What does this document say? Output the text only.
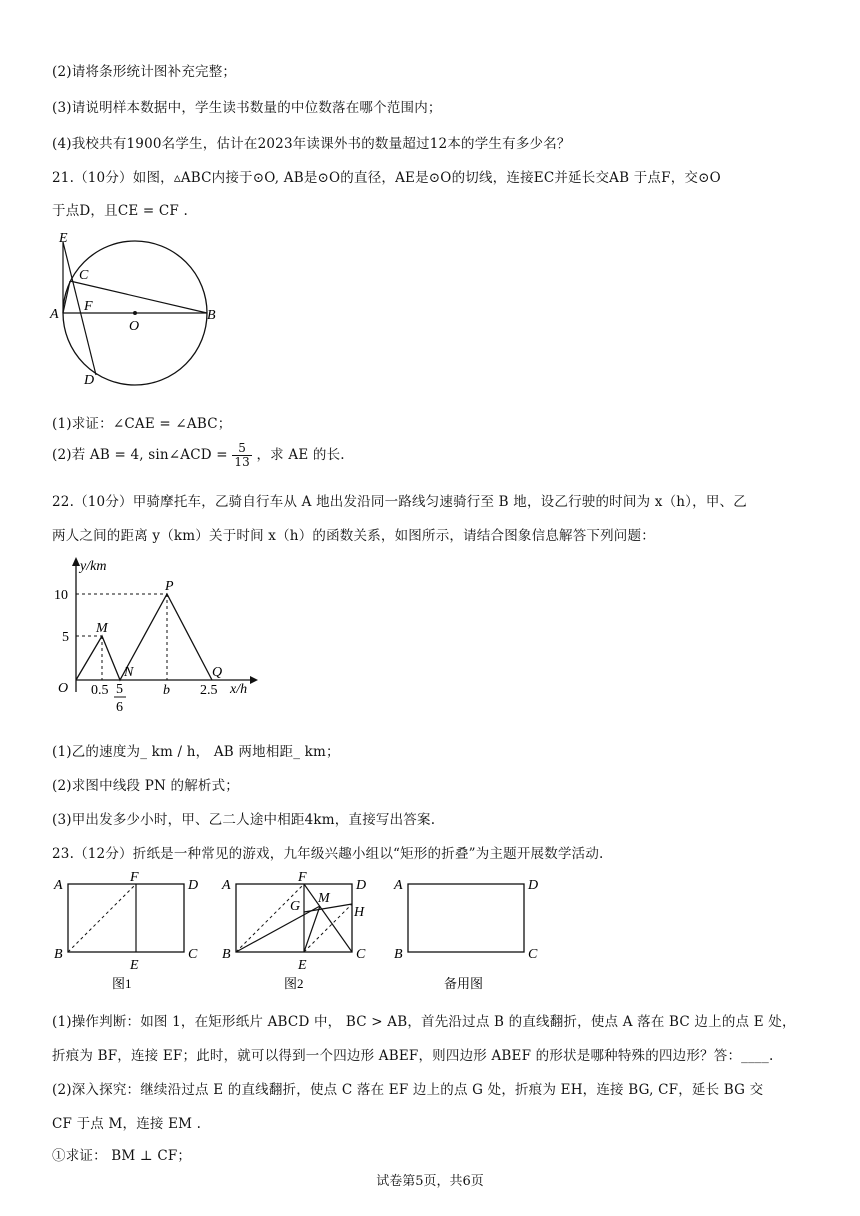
(2)请将条形统计图补充完整；
(3)请说明样本数据中，学生读书数量的中位数落在哪个范围内；
(4)我校共有1900名学生，估计在2023年读课外书的数量超过12本的学生有多少名？
21.（10分）如图，▵ABC内接于⊙O, AB是⊙O的直径，AE是⊙O的切线，连接EC并延长交AB 于点F，交⊙O
于点D，且CE = CF .
E
C
A
F
O
B
D
(1)求证：∠CAE = ∠ABC；
(2)若 AB = 4, sin∠ACD = $\frac{5}{13}$ ，求 AE 的长.
22.（10分）甲骑摩托车，乙骑自行车从 A 地出发沿同一路线匀速骑行至 B 地，设乙行驶的时间为 x（h），甲、乙
两人之间的距离 y（km）关于时间 x（h）的函数关系，如图所示，请结合图象信息解答下列问题：
y/km
x/h
O
10
5
0.5 5
6
b 2.5
M
N
P
Q
(1)乙的速度为_ km / h， AB 两地相距_ km；
(2)求图中线段 PN 的解析式；
(3)甲出发多少小时，甲、乙二人途中相距4km，直接写出答案.
23.（12分）折纸是一种常见的游戏，九年级兴趣小组以“矩形的折叠”为主题开展数学活动.
A
F
D
B
E
C
图1
A
F
D
G
M
H
B
E
C
图2
A	D
B	C
备用图
(1)操作判断：如图 1，在矩形纸片 ABCD 中， BC > AB，首先沿过点 B 的直线翻折，使点 A 落在 BC 边上的点 E 处，
折痕为 BF，连接 EF；此时，就可以得到一个四边形 ABEF，则四边形 ABEF 的形状是哪种特殊的四边形？答：____.
(2)深入探究：继续沿过点 E 的直线翻折，使点 C 落在 EF 边上的点 G 处，折痕为 EH，连接 BG, CF，延长 BG 交
CF 于点 M，连接 EM .
①求证： BM ⊥ CF；
试卷第5页，共6页
